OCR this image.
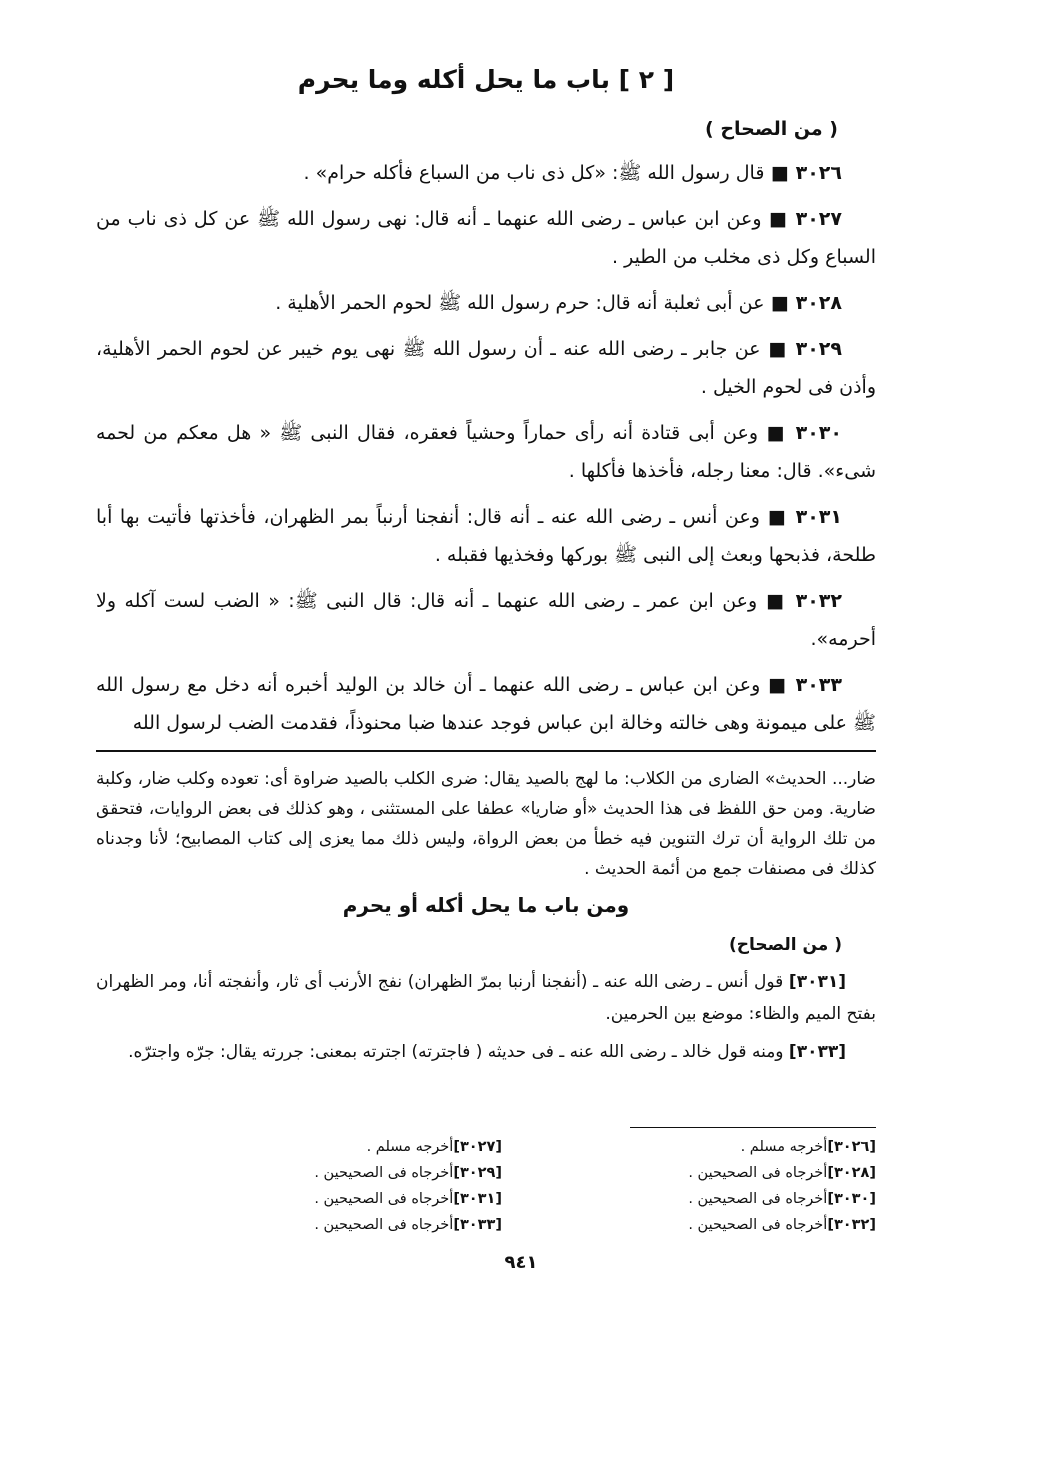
[ ٢ ] باب ما يحل أكله وما يحرم
( من الصحاح )

٣٠٢٦ ■ قال رسول الله ﷺ: «كل ذى ناب من السباع فأكله حرام» .

٣٠٢٧ ■ وعن ابن عباس ـ رضى الله عنهما ـ أنه قال: نهى رسول الله ﷺ عن كل ذى ناب من السباع وكل ذى مخلب من الطير .

٣٠٢٨ ■ عن أبى ثعلبة أنه قال: حرم رسول الله ﷺ لحوم الحمر الأهلية .

٣٠٢٩ ■ عن جابر ـ رضى الله عنه ـ أن رسول الله ﷺ نهى يوم خيبر عن لحوم الحمر الأهلية، وأذن فى لحوم الخيل .

٣٠٣٠ ■ وعن أبى قتادة أنه رأى حماراً وحشياً فعقره، فقال النبى ﷺ « هل معكم من لحمه شىء». قال: معنا رجله، فأخذها فأكلها .

٣٠٣١ ■ وعن أنس ـ رضى الله عنه ـ أنه قال: أنفجنا أرنباً بمر الظهران، فأخذتها فأتيت بها أبا طلحة، فذبحها وبعث إلى النبى ﷺ بوركها وفخذيها فقبله .

٣٠٣٢ ■ وعن ابن عمر ـ رضى الله عنهما ـ أنه قال: قال النبى ﷺ: « الضب لست آكله ولا أحرمه».

٣٠٣٣ ■ وعن ابن عباس ـ رضى الله عنهما ـ أن خالد بن الوليد أخبره أنه دخل مع رسول الله ﷺ على ميمونة وهى خالته وخالة ابن عباس فوجد عندها ضبا محنوذاً، فقدمت الضب لرسول الله

ضار... الحديث» الضارى من الكلاب: ما لهج بالصيد يقال: ضرى الكلب بالصيد ضراوة أى: تعوده وكلب ضار، وكلبة ضارية. ومن حق اللفظ فى هذا الحديث «أو ضاريا» عطفا على المستثنى ، وهو كذلك فى بعض الروايات، فتحقق من تلك الرواية أن ترك التنوين فيه خطأ من بعض الرواة، وليس ذلك مما يعزى إلى كتاب المصابيح؛ لأنا وجدناه كذلك فى مصنفات جمع من أئمة الحديث .

ومن باب ما يحل أكله أو يحرم
( من الصحاح)

[٣٠٣١] قول أنس ـ رضى الله عنه ـ (أنفجنا أرنبا بمرّ الظهران) نفج الأرنب أى ثار، وأنفجته أنا، ومر الظهران بفتح الميم والظاء: موضع بين الحرمين.

[٣٠٣٣] ومنه قول خالد ـ رضى الله عنه ـ فى حديثه ( فاجترته) اجترته بمعنى: جررته يقال: جرّه واجترّه.

[٣٠٢٦]أخرجه مسلم .
[٣٠٢٨]أخرجاه فى الصحيحين .
[٣٠٣٠]أخرجاه فى الصحيحين .
[٣٠٣٢]أخرجاه فى الصحيحين .
[٣٠٢٧]أخرجه مسلم .
[٣٠٢٩]أخرجاه فى الصحيحين .
[٣٠٣١]أخرجاه فى الصحيحين .
[٣٠٣٣]أخرجاه فى الصحيحين .
٩٤١
